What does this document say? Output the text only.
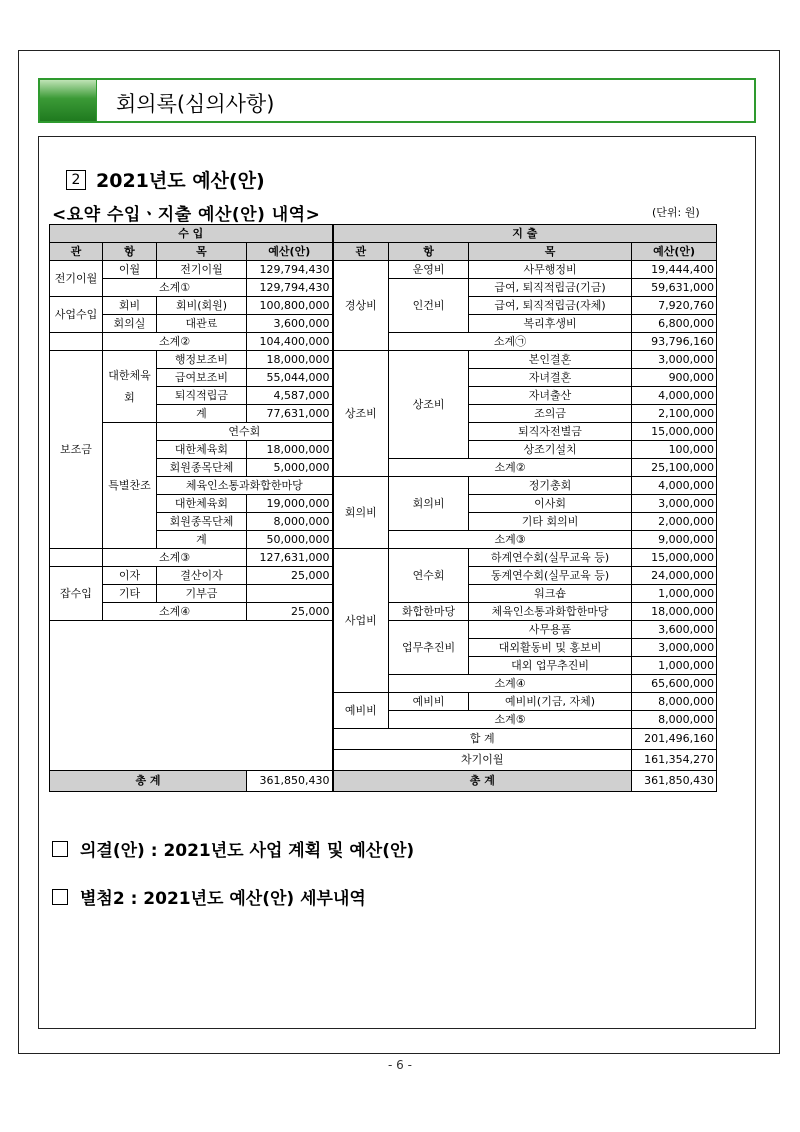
회의록(심의사항)
2 2021년도 예산(안)
<요약 수입ㆍ지출 예산(안) 내역>	(단위: 원)
수 입				지 출			
관	항	목	예산(안)	관	항	목	예산(안)
전기이월	이월	전기이월	129,794,430	경상비	운영비	사무행정비	19,444,400
	소계①		129,794,430		인건비	급여, 퇴직적립금(기금)	59,631,000
사업수입	회비	회비(회원)	100,800,000			급여, 퇴직적립금(자체)	7,920,760
	회의실	대관료	3,600,000			복리후생비	6,800,000
	소계②		104,400,000		소계㉠		93,796,160
보조금	대한체육회	행정보조비	18,000,000	상조비	상조비	본인결혼	3,000,000
		급여보조비	55,044,000			자녀결혼	900,000
		퇴직적립금	4,587,000			자녀출산	4,000,000
		계	77,631,000			조의금	2,100,000
	특별찬조	연수회				퇴직자전별금	15,000,000
		대한체육회	18,000,000			상조기설치	100,000
		회원종목단체	5,000,000		소계②		25,100,000
		체육인소통과화합한마당		회의비	회의비	정기총회	4,000,000
		대한체육회	19,000,000			이사회	3,000,000
		회원종목단체	8,000,000			기타 회의비	2,000,000
		계	50,000,000		소계③		9,000,000
	소계③		127,631,000	사업비	연수회	하계연수회(실무교육 등)	15,000,000
잡수입	이자	결산이자	25,000			동계연수회(실무교육 등)	24,000,000
	기타	기부금				워크숍	1,000,000
	소계④		25,000		화합한마당	체육인소통과화합한마당	18,000,000
					업무추진비	사무용품	3,600,000
						대외활동비 및 홍보비	3,000,000
						대외 업무추진비	1,000,000
					소계④		65,600,000
				예비비	예비비	예비비(기금, 자체)	8,000,000
					소계⑤		8,000,000
				합 계			201,496,160
				차기이월			161,354,270
총 계			361,850,430	총 계			361,850,430
의결(안) : 2021년도 사업 계획 및 예산(안)
별첨2 : 2021년도 예산(안) 세부내역
- 6 -
